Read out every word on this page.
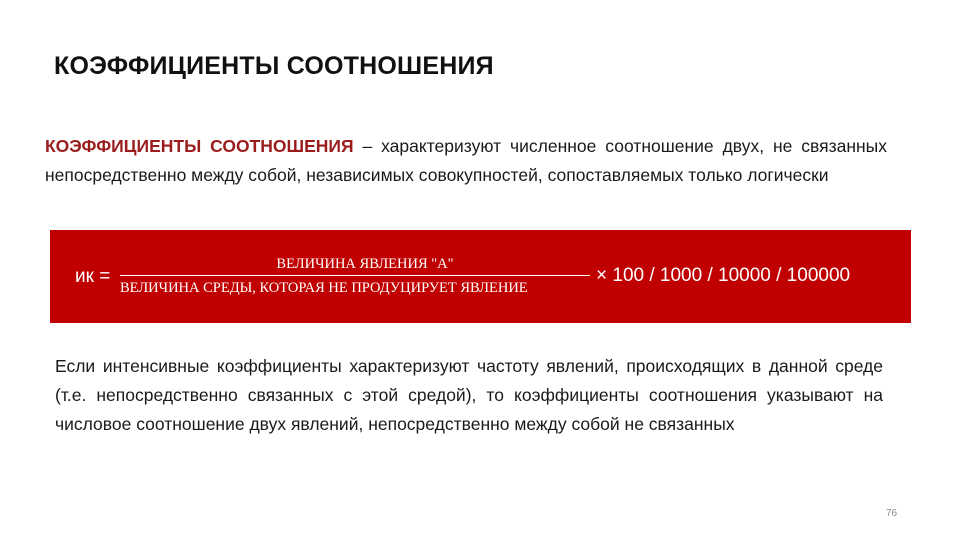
КОЭФФИЦИЕНТЫ СООТНОШЕНИЯ

КОЭФФИЦИЕНТЫ СООТНОШЕНИЯ – характеризуют численное соотношение двух, не связанных непосредственно между собой, независимых совокупностей, сопоставляемых только логически

ик =
ВЕЛИЧИНА ЯВЛЕНИЯ "А"
ВЕЛИЧИНА СРЕДЫ, КОТОРАЯ НЕ ПРОДУЦИРУЕТ ЯВЛЕНИЕ
× 100 / 1000 / 10000 / 100000

Если интенсивные коэффициенты характеризуют частоту явлений, происходящих в данной среде (т.е. непосредственно связанных с этой средой), то коэффициенты соотношения указывают на числовое соотношение двух явлений, непосредственно между собой не связанных

76
